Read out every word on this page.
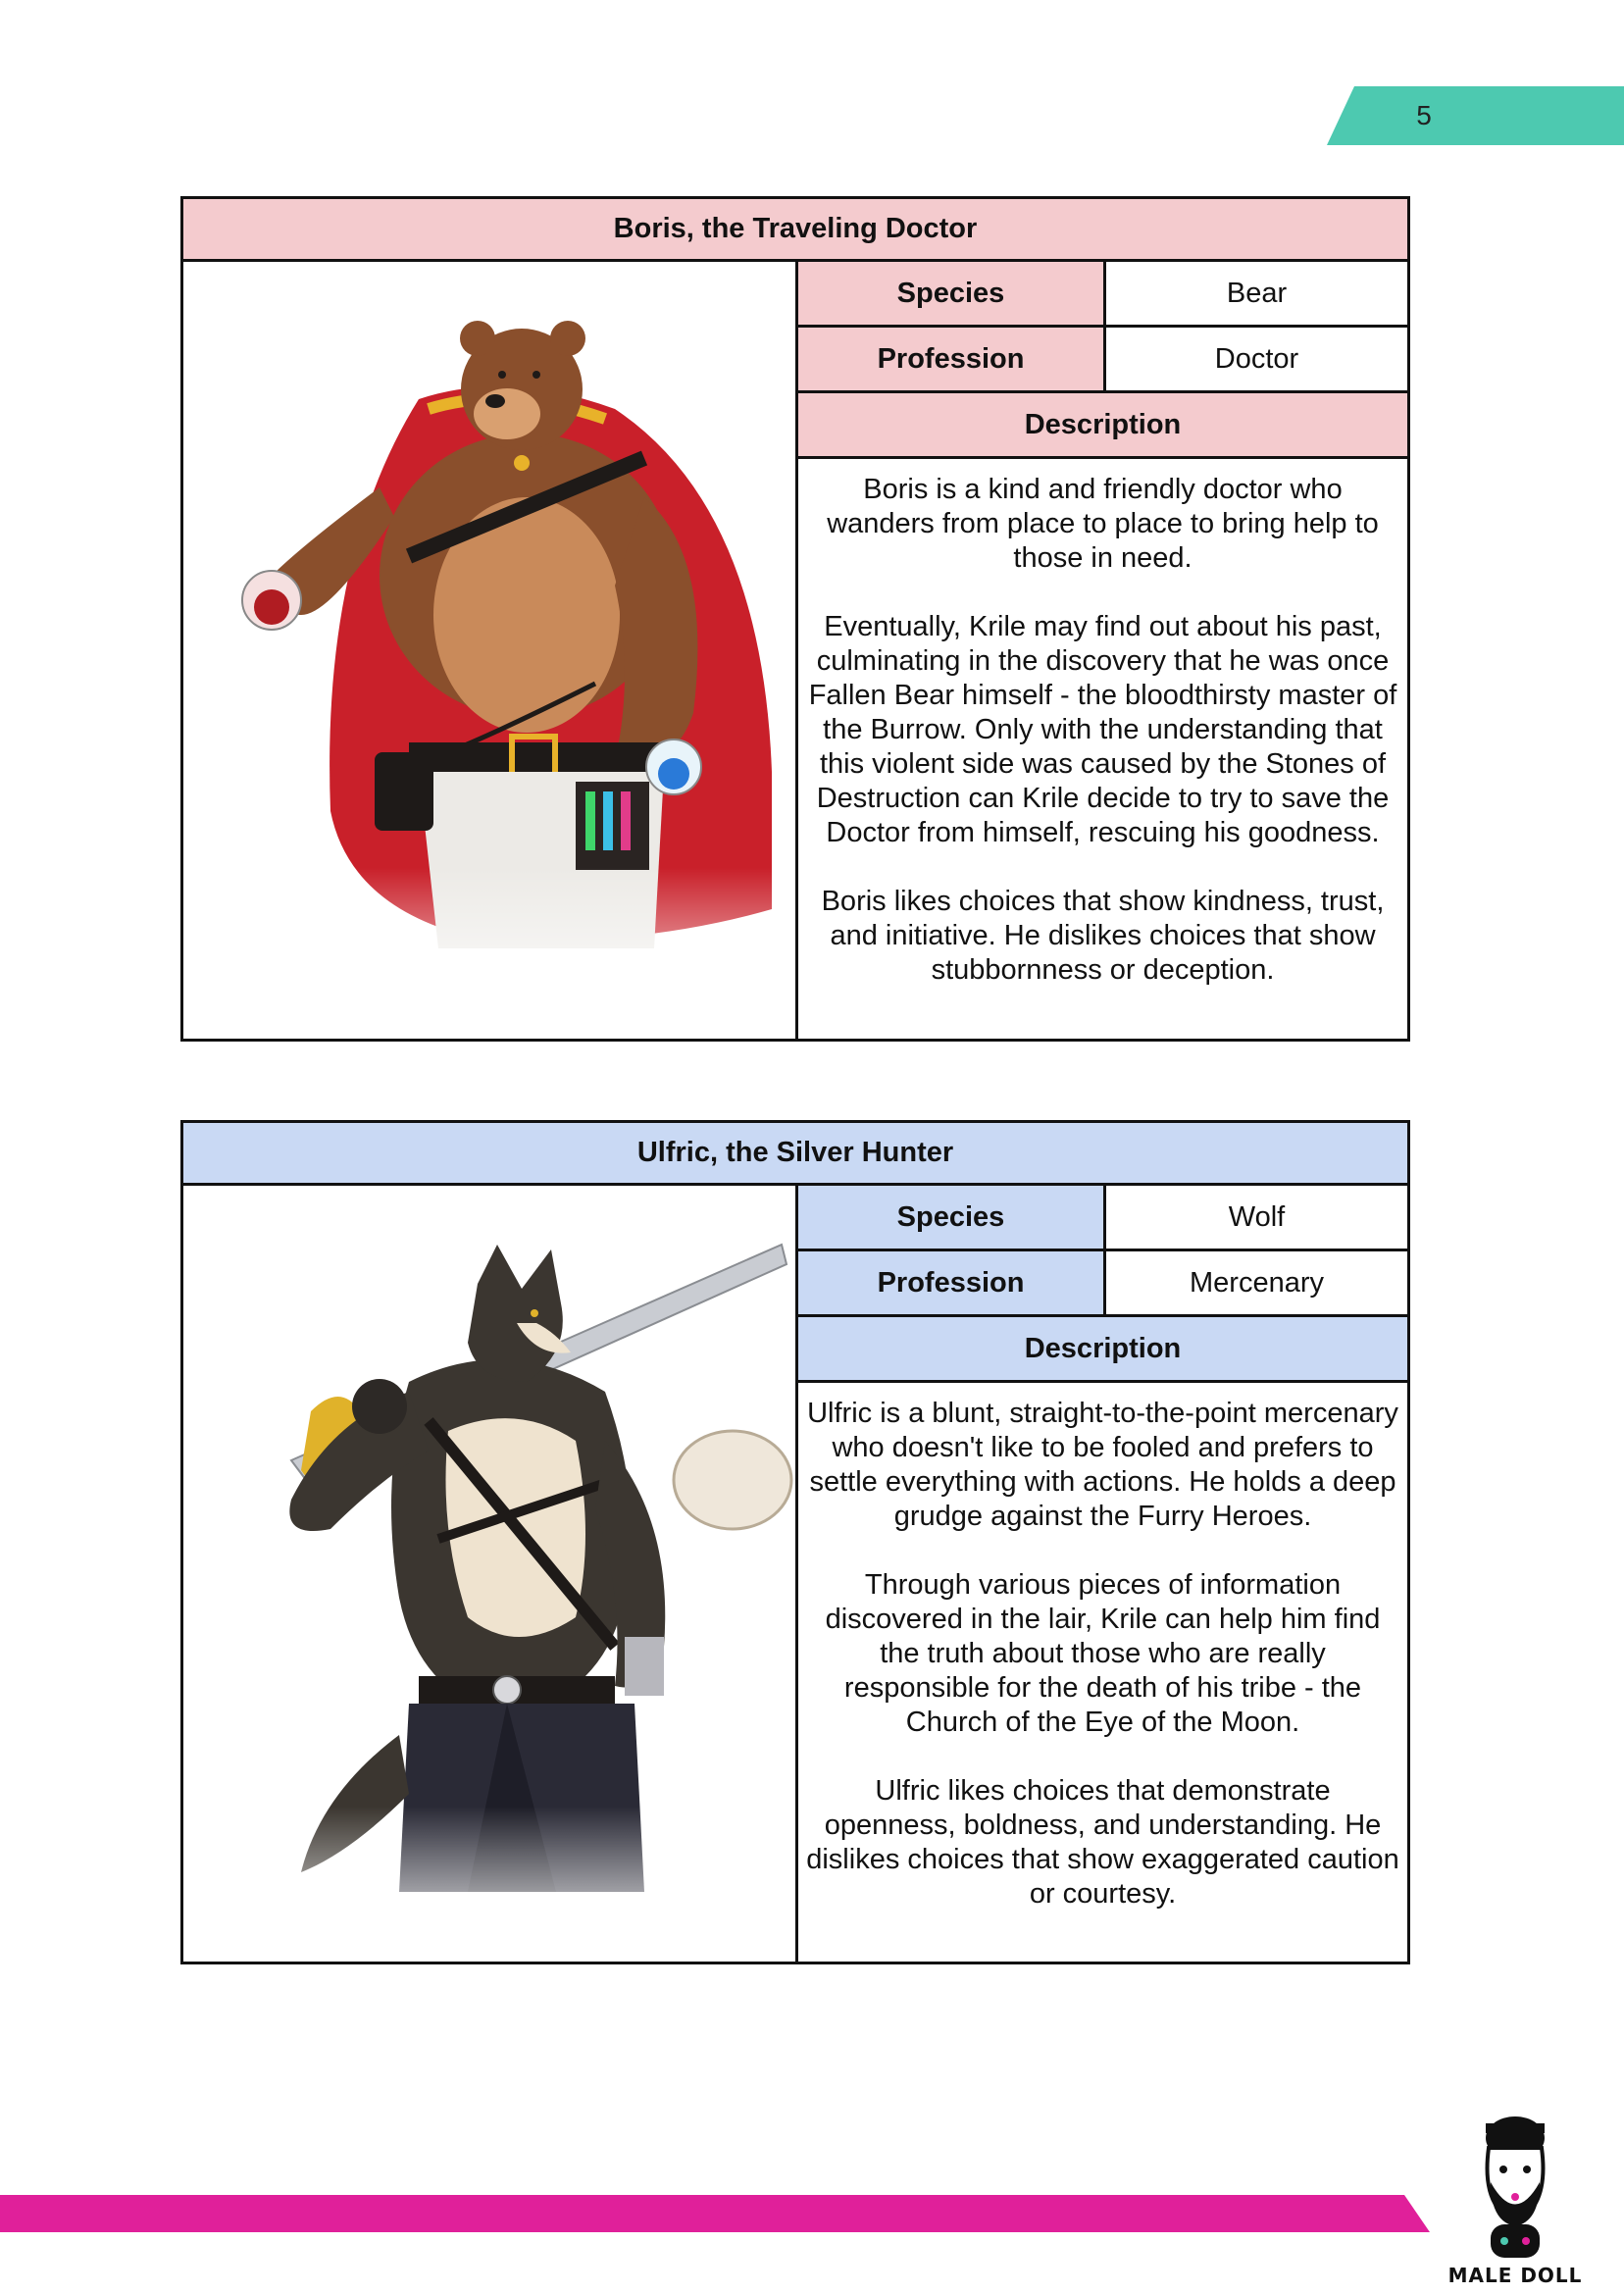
5
Boris, the Traveling Doctor
Species	Bear
Profession	Doctor
Description

Boris is a kind and friendly doctor who wanders from place to place to bring help to those in need.

Eventually, Krile may find out about his past, culminating in the discovery that he was once Fallen Bear himself - the bloodthirsty master of the Burrow. Only with the understanding that this violent side was caused by the Stones of Destruction can Krile decide to try to save the Doctor from himself, rescuing his goodness.

Boris likes choices that show kindness, trust, and initiative. He dislikes choices that show stubbornness or deception.

Ulfric, the Silver Hunter
Species	Wolf
Profession	Mercenary
Description

Ulfric is a blunt, straight-to-the-point mercenary who doesn't like to be fooled and prefers to settle everything with actions. He holds a deep grudge against the Furry Heroes.

Through various pieces of information discovered in the lair, Krile can help him find the truth about those who are really responsible for the death of his tribe - the Church of the Eye of the Moon.

Ulfric likes choices that demonstrate openness, boldness, and understanding. He dislikes choices that show exaggerated caution or courtesy.

MALE DOLL
